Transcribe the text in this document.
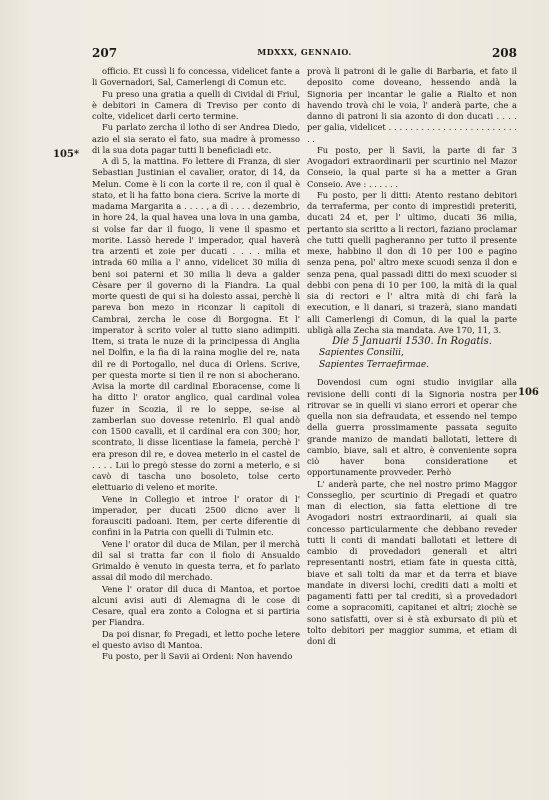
207	MDXXX, GENNAIO.	208
105*
106

officio. Et cussì li fo concessa, videlicet fante a li Governadori, Sal, Camerlengi di Comun etc.

Fu preso una gratia a quelli di Cividal di Friul, è debitori in Camera di Treviso per conto di colte, videlicet darli certo termine.

Fu parlato zercha il lotho di ser Andrea Diedo, azio el sia serato el fato, sua madre à promesso di la sua dota pagar tutti li beneficiadi etc.

A dì 5, la mattina. Fo lettere di Franza, di sier Sebastian Justinian el cavalier, orator, di 14, da Melun. Come è li con la corte il re, con il qual è stato, et li ha fatto bona ciera. Scrive la morte di madama Margarita a . . . . , a dì . . . . dezembrio, in hore 24, la qual havea una lova in una gamba, si volse far dar il fuogo, li vene il spasmo et morite. Lassò herede l' imperador, qual haverà tra arzenti et zoie per ducati . . . . milia et intrada 60 milia a l' anno, videlicet 30 milia di beni soi paterni et 30 milia li deva a galder Cèsare per il governo di la Fiandra. La qual morte questi de qui si ha dolesto assai, perchè li pareva bon mezo in riconzar li capitoli di Cambrai, zercha le cose di Borgogna. Et l' imperator à scrito voler al tutto siano adimpiti. Item, si trata le nuze di la principessa di Anglia nel Dolfin, e la fia di la raina moglie del re, nata dil re di Portogallo, nel duca di Orlens. Scrive, per questa morte si tien il re non si abocherano. Avisa la morte dil cardinal Eboracense, come li ha ditto l' orator anglico, qual cardinal volea fuzer in Scozia, il re lo seppe, se-ise al zamberlan suo dovesse retenirlo. El qual andò con 1500 cavalli, et il cardinal era con 300; hor, scontrato, li disse licentiase la fameia, perchè l' era preson dil re, e dovea meterlo in el castel de . . . . Lui lo pregò stesse do zorni a meterlo, e si cavò di tascha uno bosoleto, tolse certo elettuario di veleno et morite.

Vene in Collegio et introe l' orator di l' imperador, per ducati 2500 dicno aver li forausciti padoani. Item, per certe diferentie di confini in la Patria con quelli di Tulmin etc.

Vene l' orator dil duca de Milan, per il merchà dil sal si tratta far con il fiolo di Ansualdo Grimaldo è venuto in questa terra, et fo parlato assai dil modo dil merchado.

Vene l' orator dil duca di Mantoa, et portoe alcuni avisi auti di Alemagna di le cose di Cesare, qual era zonto a Cologna et si partiria per Fiandra.

Da poi disnar, fo Pregadi, et letto poche letere el questo aviso di Mantoa.

Fu posto, per li Savii ai Ordeni: Non havendo

provà li patroni di le galie di Barbaria, et fato il deposito come doveano, hessendo andà la Signoria per incantar le galie a Rialto et non havendo trovà chi le voia, l' anderà parte, che a danno di patroni li sia azonto di don ducati . . . . per galia, videlicet . . . . . . . . . . . . . . . . . . . . . . . . . .

Fu posto, per li Savii, la parte di far 3 Avogadori extraordinarii per scurtinio nel Mazor Conseio, la qual parte si ha a metter a Gran Conseio. Ave : . . . . . .

Fu posto, per li ditti: Atento restano debitori da terraferma, per conto di imprestidi preteriti, ducati 24 et, per l' ultimo, ducati 36 milia, pertanto sia scritto a li rectori, faziano proclamar che tutti quelli pagheranno per tutto il presente mexe, habbino il don di 10 per 100 e pagino senza pena, pol' altro mexe scuodi senza il don e senza pena, qual passadi ditti do mexi scuoder si debbi con pena di 10 per 100, la mità di la qual sia di rectori e l' altra mità di chi farà la execution, e li danari, si trazerà, siano mandati alli Camerlengi di Comun, di la qual la parte ubligà alla Zecha sia mandata. Ave 170, 11, 3.

Die 5 Januarii 1530. In Rogatis.

Sapientes Consilii,

Sapientes Terraefirmae.

Dovendosi cum ogni studio invigilar alla revisione delli conti di la Signoria nostra per ritrovar se in quelli vi siano errori et operar che quella non sia defraudata, et essendo nel tempo della guerra prossimamente passata seguito grande manizo de mandati ballotati, lettere di cambio, biave, sali et altro, è conveniente sopra ciò haver bona consideratione et opportunamente provveder. Perhò

L' anderà parte, che nel nostro primo Maggor Consseglio, per scurtinio di Pregadi et quatro man di election, sia fatta elettione di tre Avogadori nostri extraordinarii, ai quali sia concesso particularmente che debbano reveder tutti li conti di mandati ballotati et lettere di cambio di provedadori generali et altri representanti nostri, etiam fate in questa città, biave et sali tolti da mar et da terra et biave mandate in diversi lochi, crediti dati a molti et pagamenti fatti per tal crediti, sì a provedadori come a sopracomiti, capitanei et altri; ziochè se sono satisfatti, over si è stà exbursato di più et tolto debitori per maggior summa, et etiam di doni di
